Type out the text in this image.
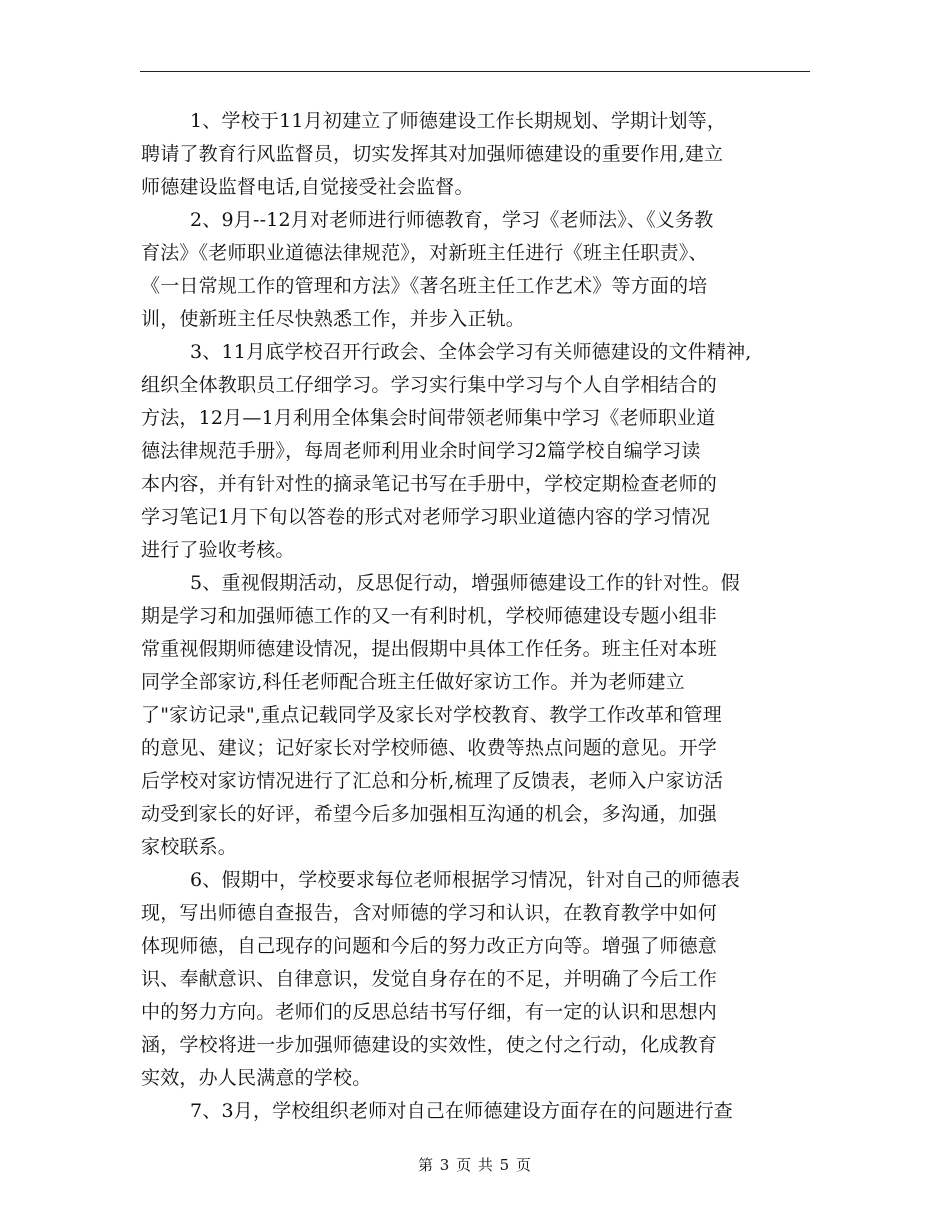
1、学校于11月初建立了师德建设工作长期规划、学期计划等，
聘请了教育行风监督员，切实发挥其对加强师德建设的重要作用,建立
师德建设监督电话,自觉接受社会监督。
2、9月--12月对老师进行师德教育，学习《老师法》、《义务教
育法》《老师职业道德法律规范》，对新班主任进行《班主任职责》、
《一日常规工作的管理和方法》《著名班主任工作艺术》等方面的培
训，使新班主任尽快熟悉工作，并步入正轨。
3、11月底学校召开行政会、全体会学习有关师德建设的文件精神,
组织全体教职员工仔细学习。学习实行集中学习与个人自学相结合的
方法，12月—1月利用全体集会时间带领老师集中学习《老师职业道
德法律规范手册》，每周老师利用业余时间学习2篇学校自编学习读
本内容，并有针对性的摘录笔记书写在手册中，学校定期检查老师的
学习笔记1月下旬以答卷的形式对老师学习职业道德内容的学习情况
进行了验收考核。
5、重视假期活动，反思促行动，增强师德建设工作的针对性。假
期是学习和加强师德工作的又一有利时机，学校师德建设专题小组非
常重视假期师德建设情况，提出假期中具体工作任务。班主任对本班
同学全部家访,科任老师配合班主任做好家访工作。并为老师建立
了"家访记录",重点记载同学及家长对学校教育、教学工作改革和管理
的意见、建议；记好家长对学校师德、收费等热点问题的意见。开学
后学校对家访情况进行了汇总和分析,梳理了反馈表，老师入户家访活
动受到家长的好评，希望今后多加强相互沟通的机会，多沟通，加强
家校联系。
6、假期中，学校要求每位老师根据学习情况，针对自己的师德表
现，写出师德自查报告，含对师德的学习和认识，在教育教学中如何
体现师德，自己现存的问题和今后的努力改正方向等。增强了师德意
识、奉献意识、自律意识，发觉自身存在的不足，并明确了今后工作
中的努力方向。老师们的反思总结书写仔细，有一定的认识和思想内
涵，学校将进一步加强师德建设的实效性，使之付之行动，化成教育
实效，办人民满意的学校。
7、3月，学校组织老师对自己在师德建设方面存在的问题进行查
第 3 页 共 5 页
